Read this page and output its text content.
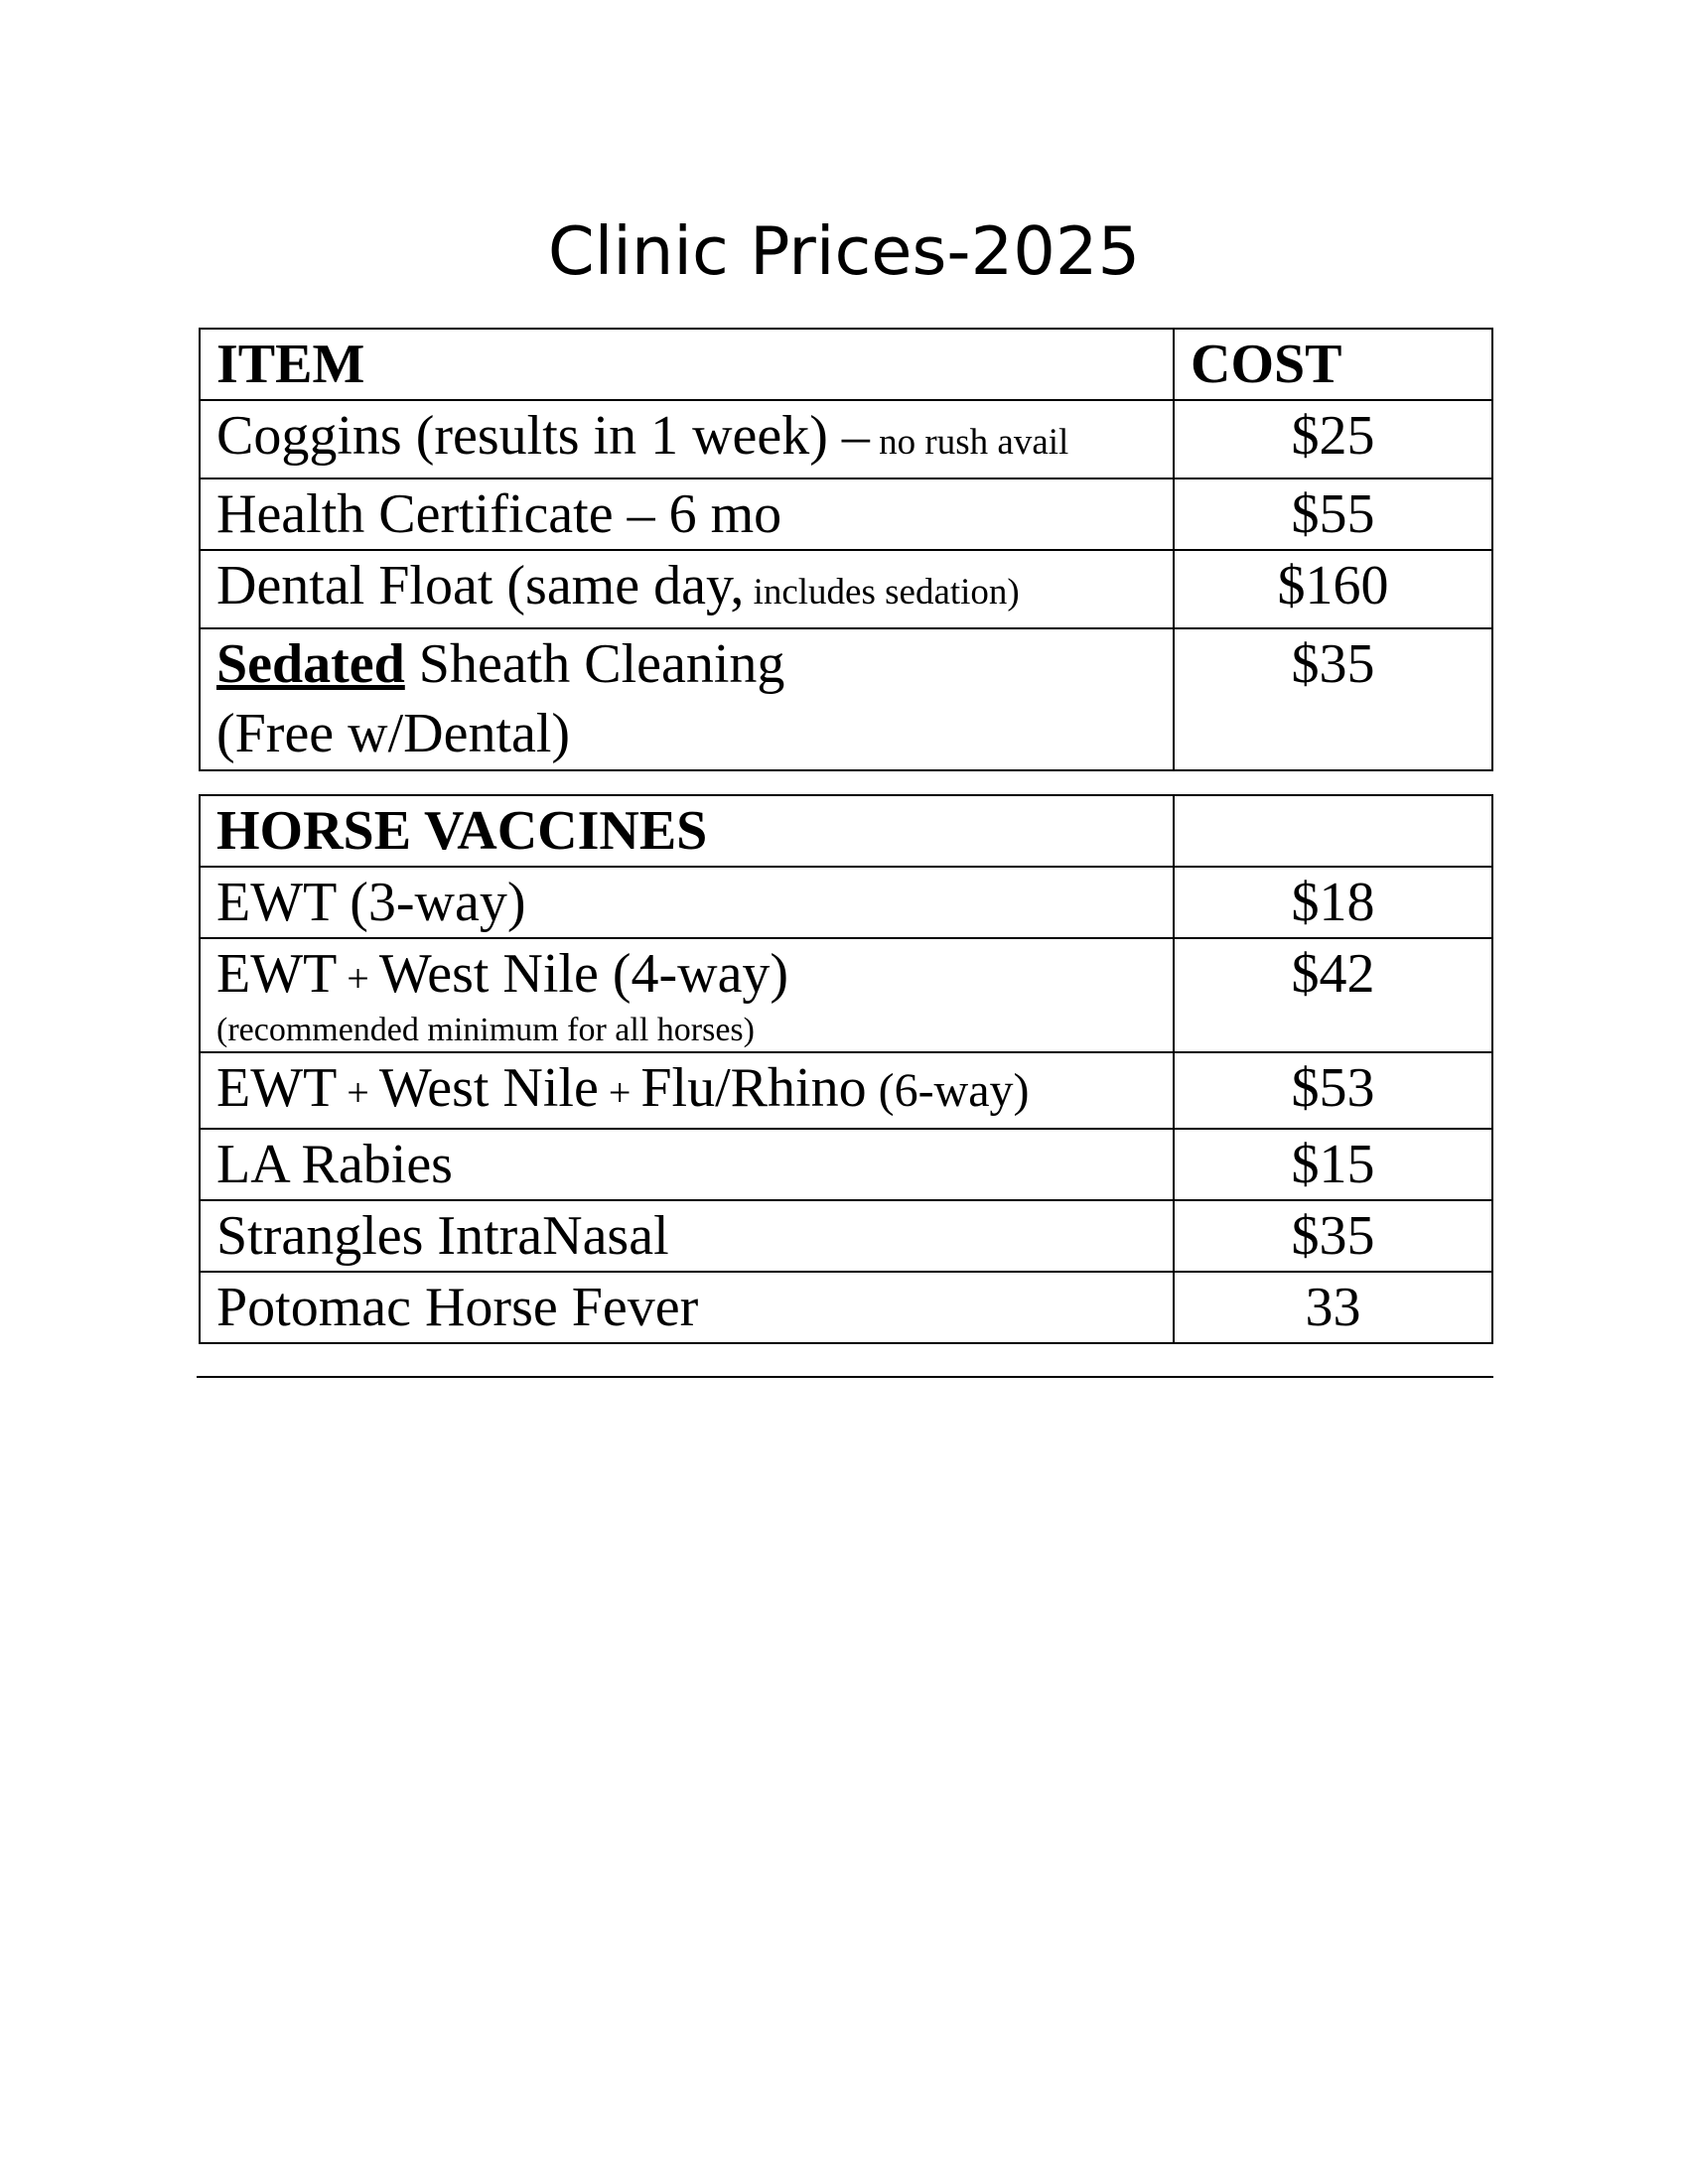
Clinic Prices-2025
ITEM	COST
Coggins (results in 1 week) – no rush avail	$25
Health Certificate – 6 mo	$55
Dental Float (same day, includes sedation)	$160
Sedated Sheath Cleaning
(Free w/Dental)	$35
HORSE VACCINES	
EWT (3-way)	$18
EWT + West Nile (4-way)
(recommended minimum for all horses)	$42
EWT + West Nile + Flu/Rhino (6-way)	$53
LA Rabies	$15
Strangles IntraNasal	$35
Potomac Horse Fever	33
